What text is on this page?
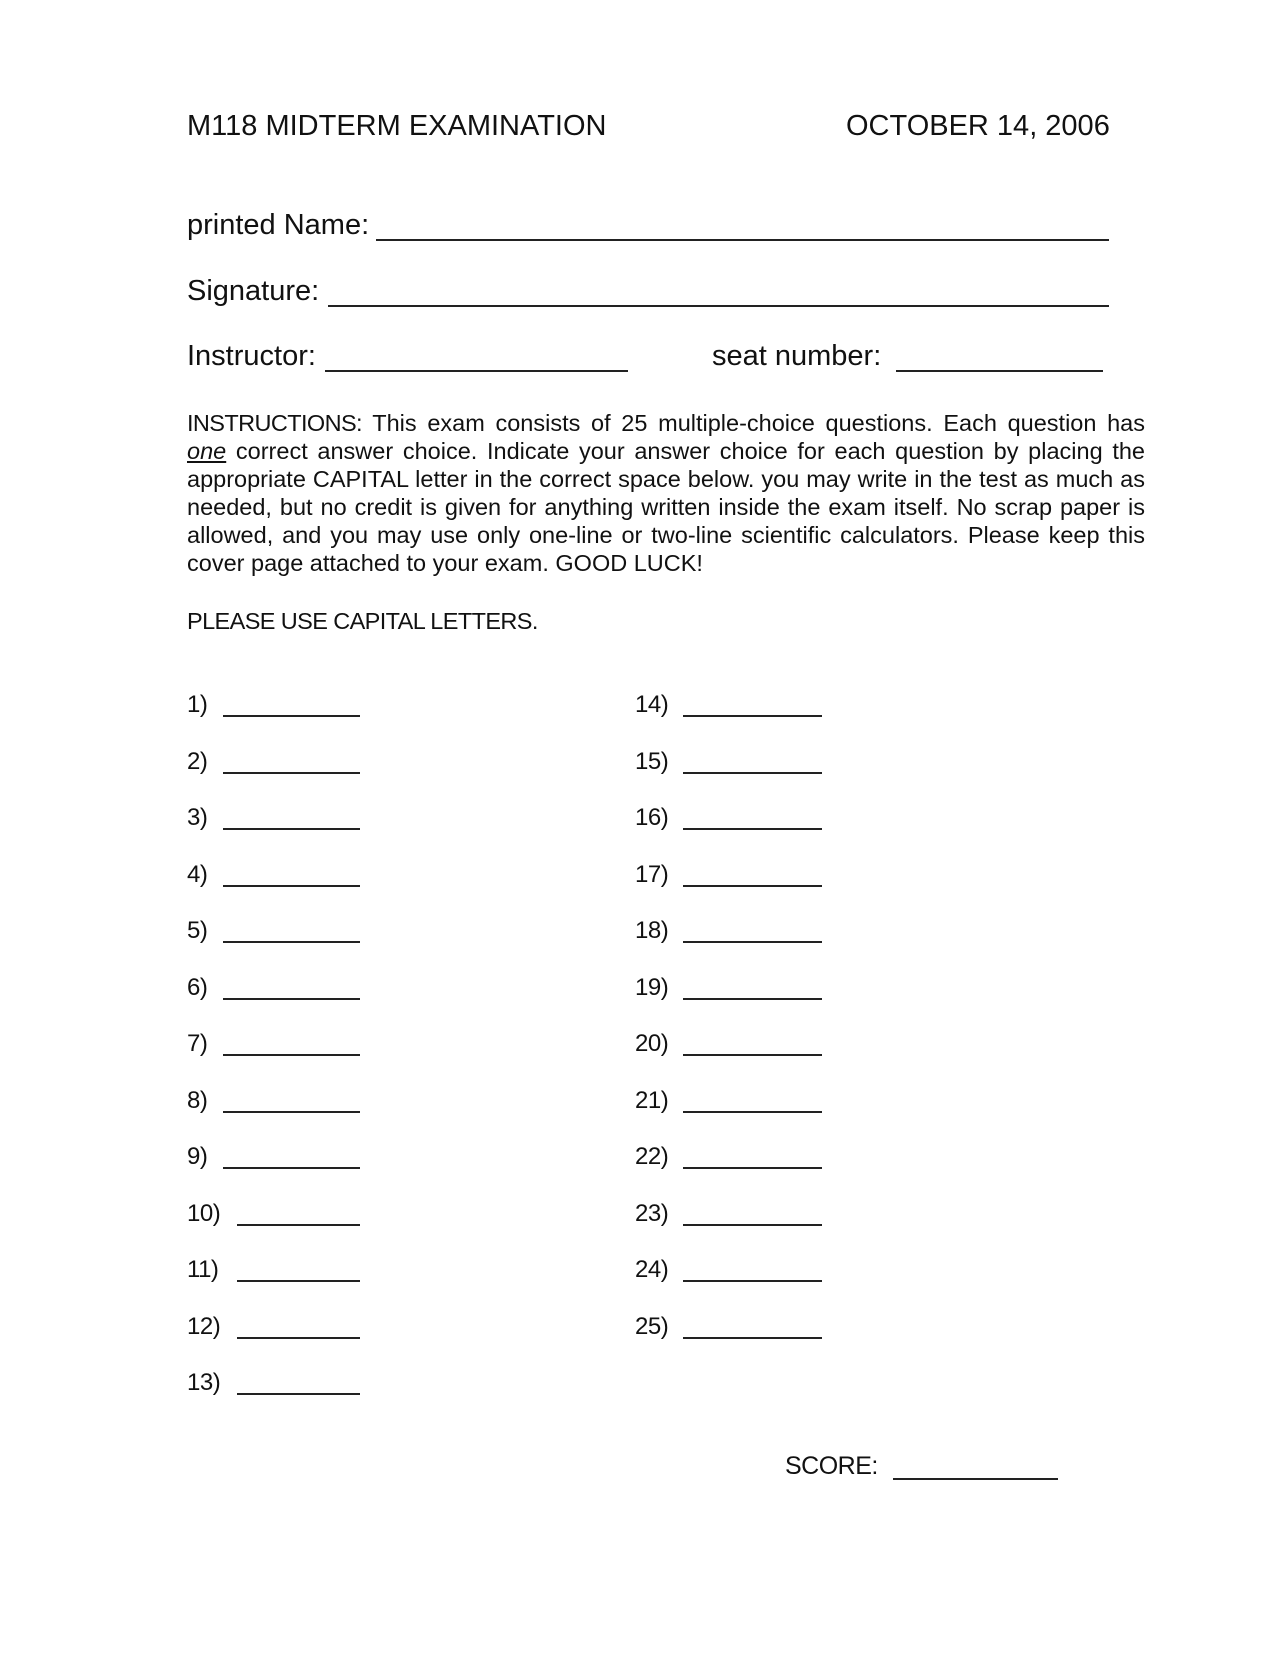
M118 MIDTERM EXAMINATION	OCTOBER 14, 2006
printed Name:
Signature:
Instructor:	seat number:
INSTRUCTIONS: This exam consists of 25 multiple-choice questions. Each question has one correct answer choice. Indicate your answer choice for each question by placing the appropriate CAPITAL letter in the correct space below. you may write in the test as much as needed, but no credit is given for anything written inside the exam itself. No scrap paper is allowed, and you may use only one-line or two-line scientific calculators. Please keep this cover page attached to your exam. GOOD LUCK!
PLEASE USE CAPITAL LETTERS.
1)
2)
3)
4)
5)
6)
7)
8)
9)
10)
11)
12)
13)
14)
15)
16)
17)
18)
19)
20)
21)
22)
23)
24)
25)
SCORE:
